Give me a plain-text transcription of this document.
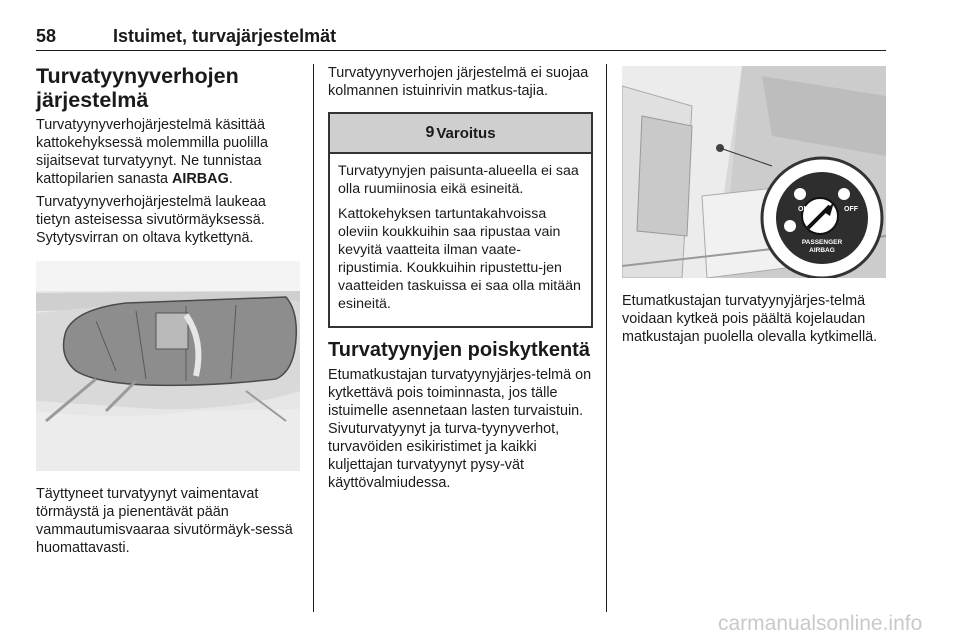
58	Istuimet, turvajärjestelmät
Turvatyynyverhojen järjestelmä

Turvatyynyverhojärjestelmä käsittää kattokehyksessä molemmilla puolilla sijaitsevat turvatyynyt. Ne tunnistaa kattopilarien sanasta AIRBAG.

Turvatyynyverhojärjestelmä laukeaa tietyn asteisessa sivutörmäyksessä. Sytytysvirran on oltava kytkettynä.

Täyttyneet turvatyynyt vaimentavat törmäystä ja pienentävät pään vammautumisvaaraa sivutörmäyk‐sessä huomattavasti.

Turvatyynyverhojen järjestelmä ei suojaa kolmannen istuinrivin matkus‐tajia.

9 Varoitus

Turvatyynyjen paisunta-alueella ei saa olla ruumiinosia eikä esineitä.

Kattokehyksen tartuntakahvoissa oleviin koukkuihin saa ripustaa vain kevyitä vaatteita ilman vaate‐ripustimia. Koukkuihin ripustettu‐jen vaatteiden taskuissa ei saa olla mitään esineitä.

Turvatyynyjen poiskytkentä

Etumatkustajan turvatyynyjärjes‐telmä on kytkettävä pois toiminnasta, jos tälle istuimelle asennetaan lasten turvaistuin. Sivuturvatyynyt ja turva‐tyynyverhot, turvavöiden esikiristimet ja kaikki kuljettajan turvatyynyt pysy‐vät käyttövalmiudessa.

ON	OFF
PASSENGER
AIRBAG

Etumatkustajan turvatyynyjärjes‐telmä voidaan kytkeä pois päältä kojelaudan matkustajan puolella olevalla kytkimellä.

carmanualsonline.info
